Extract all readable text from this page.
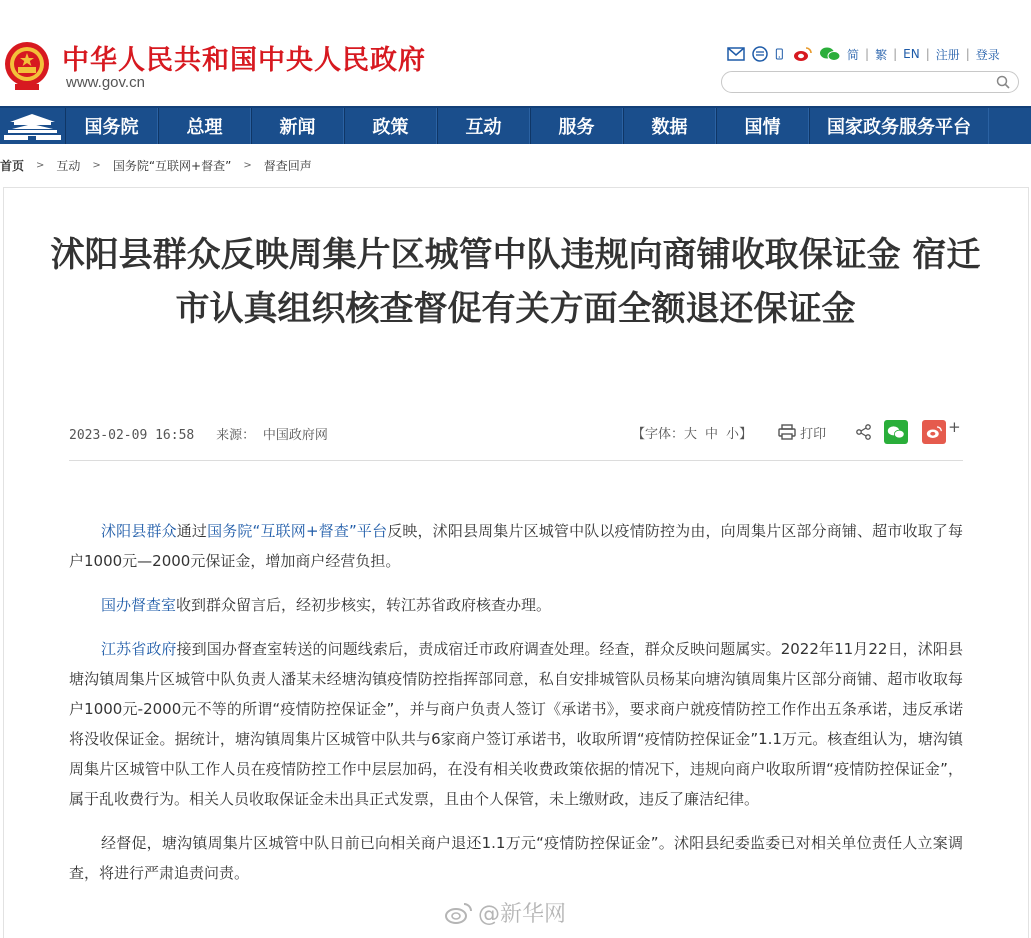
中华人民共和国中央人民政府
www.gov.cn
简 | 繁 | EN | 注册 | 登录
国务院	总理	新闻	政策	互动	服务	数据	国情	国家政务服务平台
首页 > 互动 > 国务院“互联网+督查” > 督查回声
沭阳县群众反映周集片区城管中队违规向商铺收取保证金 宿迁市认真组织核查督促有关方面全额退还保证金
2023-02-09 16:58 来源： 中国政府网	【字体： 大 中 小 】	打印	+

沭阳县群众通过国务院“互联网+督查”平台反映，沭阳县周集片区城管中队以疫情防控为由，向周集片区部分商铺、超市收取了每户1000元—2000元保证金，增加商户经营负担。

国办督查室收到群众留言后，经初步核实，转江苏省政府核查办理。

江苏省政府接到国办督查室转送的问题线索后，责成宿迁市政府调查处理。经查，群众反映问题属实。2022年11月22日，沭阳县塘沟镇周集片区城管中队负责人潘某未经塘沟镇疫情防控指挥部同意，私自安排城管队员杨某向塘沟镇周集片区部分商铺、超市收取每户1000元-2000元不等的所谓“疫情防控保证金”，并与商户负责人签订《承诺书》，要求商户就疫情防控工作作出五条承诺，违反承诺将没收保证金。据统计，塘沟镇周集片区城管中队共与6家商户签订承诺书，收取所谓“疫情防控保证金”1.1万元。核查组认为，塘沟镇周集片区城管中队工作人员在疫情防控工作中层层加码，在没有相关收费政策依据的情况下，违规向商户收取所谓“疫情防控保证金”，属于乱收费行为。相关人员收取保证金未出具正式发票，且由个人保管，未上缴财政，违反了廉洁纪律。

经督促，塘沟镇周集片区城管中队日前已向相关商户退还1.1万元“疫情防控保证金”。沭阳县纪委监委已对相关单位责任人立案调查，将进行严肃追责问责。

@新华网
